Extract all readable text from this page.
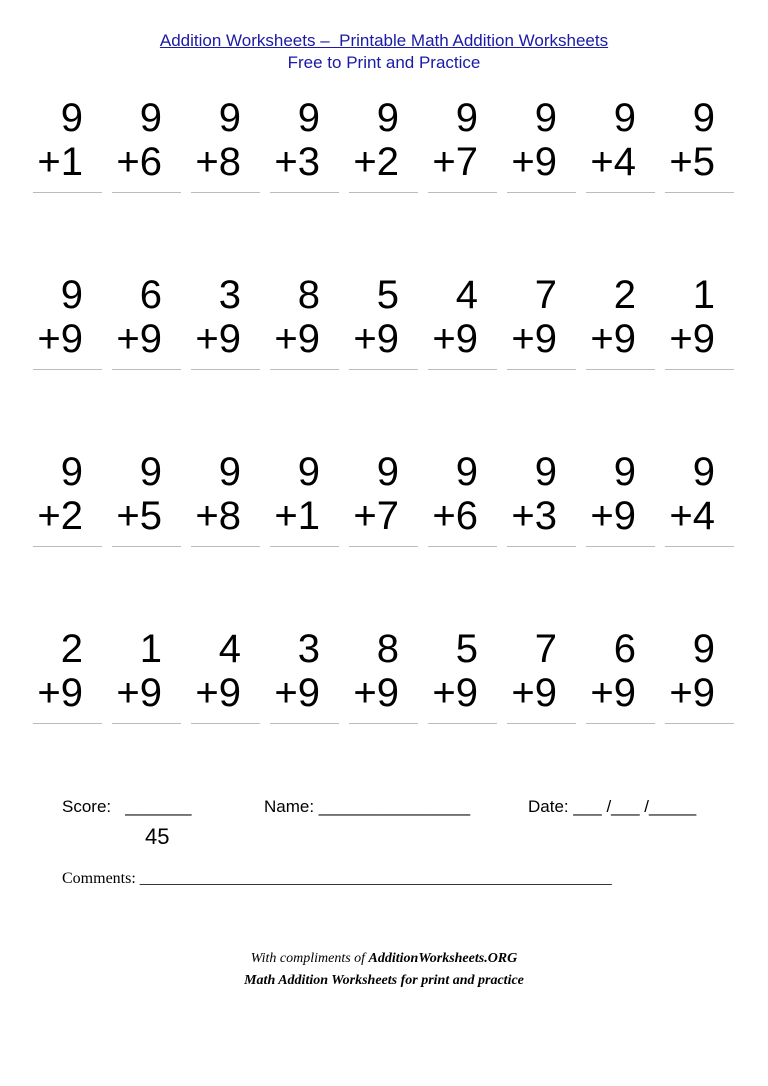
Addition Worksheets –  Printable Math Addition Worksheets
Free to Print and Practice
9
+1
9
+6
9
+8
9
+3
9
+2
9
+7
9
+9
9
+4
9
+5
9
+9
6
+9
3
+9
8
+9
5
+9
4
+9
7
+9
2
+9
1
+9
9
+2
9
+5
9
+8
9
+1
9
+7
9
+6
9
+3
9
+9
9
+4
2
+9
1
+9
4
+9
3
+9
8
+9
5
+9
7
+9
6
+9
9
+9
Score:   _______	Name: ________________	Date: ___ /___ /_____
45
Comments: ___________________________________________________________
With compliments of AdditionWorksheets.ORG
Math Addition Worksheets for print and practice
